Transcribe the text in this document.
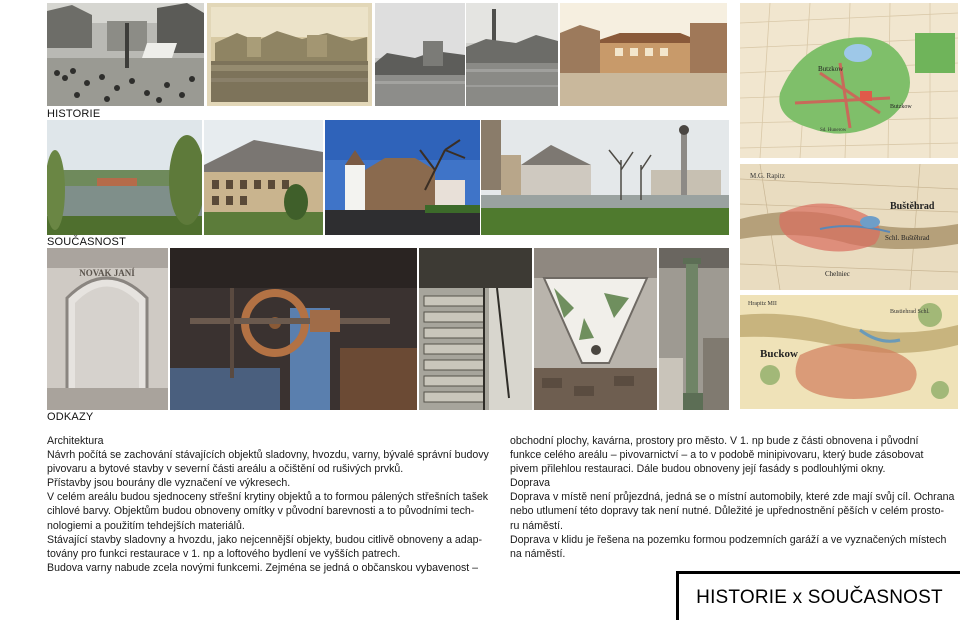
HISTORIE
SOUČASNOST
NOVAK JANÍ
ODKAZY
Butzkow
Butzkow
Sd. Hunerow
M.G. Rapitz
Buštěhrad
Schl. Buštěhrad
Chelniec
Hrapitz MII
Buckow
Bustiehrad Schl.

Architektura

Návrh počítá se zachování stávajících objektů sladovny, hvozdu, varny, bývalé správní budovy

pivovaru a bytové stavby v severní části areálu a očištění od rušivých prvků.

Přístavby jsou bourány dle vyznačení ve výkresech.

V celém areálu budou sjednoceny střešní krytiny objektů a to formou pálených střešních tašek

cihlové barvy. Objektům budou obnoveny omítky v původní barevnosti a to původními tech-

nologiemi a použitím tehdejších materiálů.

Stávající stavby sladovny a hvozdu, jako nejcennější objekty, budou citlivě obnoveny a adap-

továny pro funkci restaurace v 1. np a loftového bydlení ve vyšších patrech.

Budova varny nabude zcela novými funkcemi. Zejména se jedná o občanskou vybavenost –

obchodní plochy, kavárna, prostory pro město. V 1. np bude z části obnovena i původní

funkce celého areálu – pivovarnictví – a to v podobě minipivovaru, který bude zásobovat

pivem přilehlou restauraci. Dále budou obnoveny její fasády s podlouhlými okny.

Doprava

Doprava v místě není průjezdná, jedná se o místní automobily, které zde mají svůj cíl. Ochrana

nebo utlumení této dopravy tak není nutné. Důležité je upřednostnění pěších v celém prosto-

ru náměstí.

Doprava v klidu je řešena na pozemku formou podzemních garáží a ve vyznačených místech

na náměstí.

HISTORIE x SOUČASNOST
